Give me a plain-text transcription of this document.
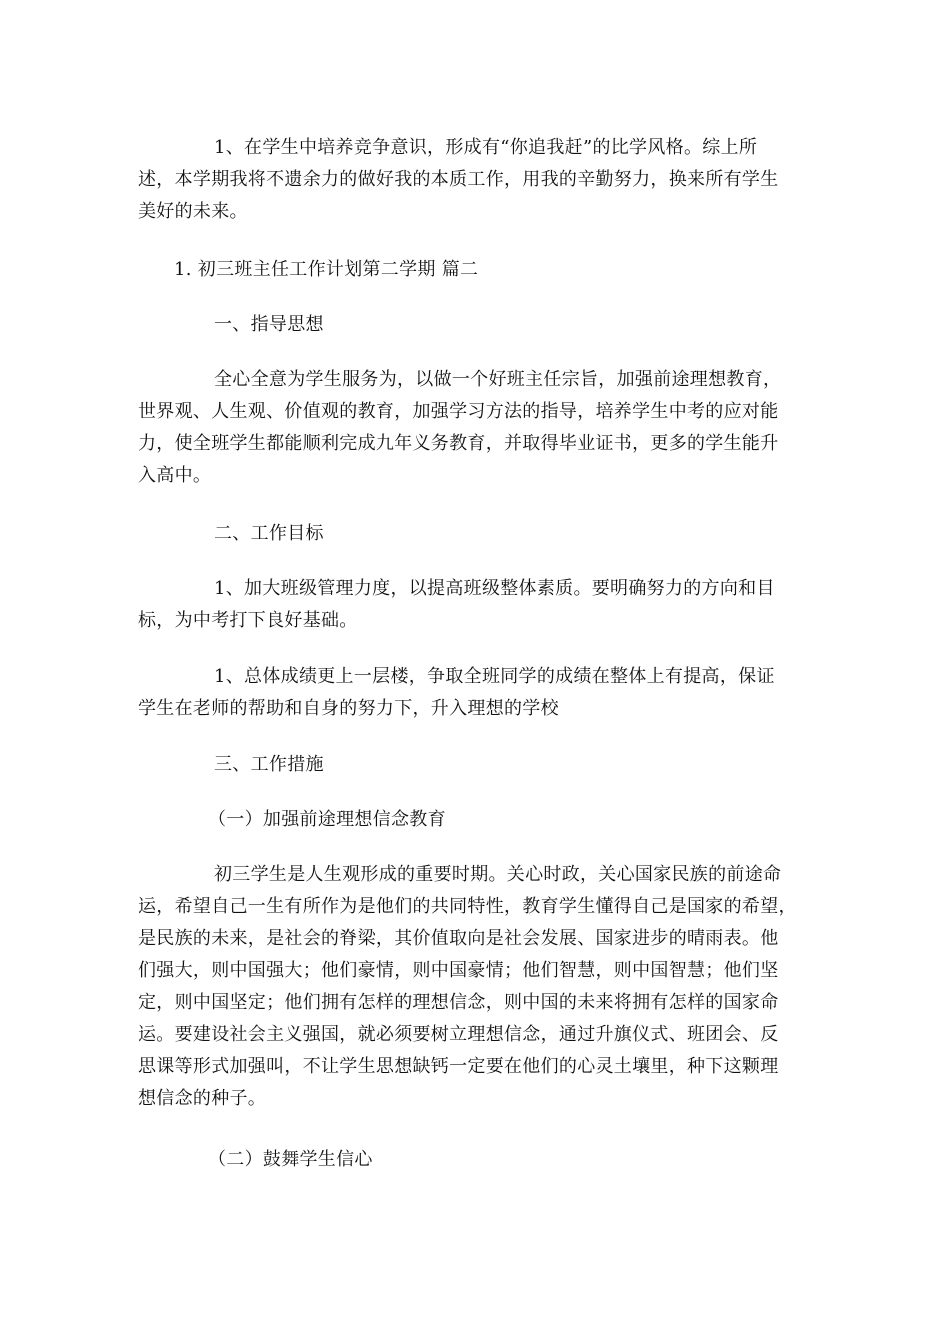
1、在学生中培养竞争意识，形成有“你追我赶”的比学风格。综上所
述，本学期我将不遗余力的做好我的本质工作，用我的辛勤努力，换来所有学生
美好的未来。
1. 初三班主任工作计划第二学期 篇二
一、指导思想
全心全意为学生服务为，以做一个好班主任宗旨，加强前途理想教育，
世界观、人生观、价值观的教育，加强学习方法的指导，培养学生中考的应对能
力，使全班学生都能顺利完成九年义务教育，并取得毕业证书，更多的学生能升
入高中。
二、工作目标
1、加大班级管理力度，以提高班级整体素质。要明确努力的方向和目
标，为中考打下良好基础。
1、总体成绩更上一层楼，争取全班同学的成绩在整体上有提高，保证
学生在老师的帮助和自身的努力下，升入理想的学校
三、工作措施
（一）加强前途理想信念教育
初三学生是人生观形成的重要时期。关心时政，关心国家民族的前途命
运，希望自己一生有所作为是他们的共同特性，教育学生懂得自己是国家的希望，
是民族的未来，是社会的脊梁，其价值取向是社会发展、国家进步的晴雨表。他
们强大，则中国强大；他们豪情，则中国豪情；他们智慧，则中国智慧；他们坚
定，则中国坚定；他们拥有怎样的理想信念，则中国的未来将拥有怎样的国家命
运。要建设社会主义强国，就必须要树立理想信念，通过升旗仪式、班团会、反
思课等形式加强叫，不让学生思想缺钙一定要在他们的心灵土壤里，种下这颗理
想信念的种子。
（二）鼓舞学生信心
